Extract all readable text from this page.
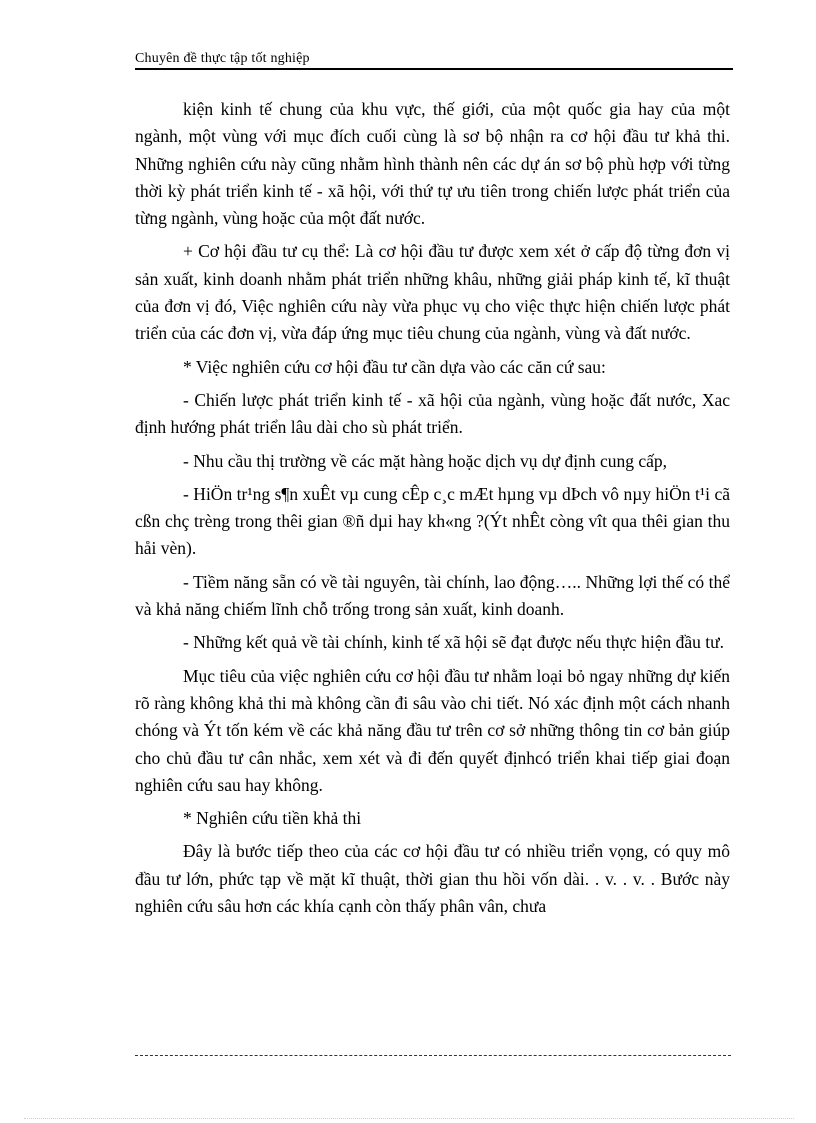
Chuyên đề thực tập tốt nghiệp

kiện kinh tế chung của khu vực, thế giới, của một quốc gia hay của một ngành, một vùng với mục đích cuối cùng là sơ bộ nhận ra cơ hội đầu tư khả thi. Những nghiên cứu này cũng nhằm hình thành nên các dự án sơ bộ phù hợp với từng thời kỳ phát triển kinh tế - xã hội, với thứ tự ưu tiên trong chiến lược phát triển của từng ngành, vùng hoặc của một đất nước.

+ Cơ hội đầu tư cụ thể: Là cơ hội đầu tư được xem xét ở cấp độ từng đơn vị sản xuất, kinh doanh nhằm phát triển những khâu, những giải pháp kinh tế, kĩ thuật của đơn vị đó, Việc nghiên cứu này vừa phục vụ cho việc thực hiện chiến lược phát triển của các đơn vị, vừa đáp ứng mục tiêu chung của ngành, vùng và đất nước.

* Việc nghiên cứu cơ hội đầu tư cần dựa vào các căn cứ sau:

- Chiến lược phát triển kinh tế - xã hội của ngành, vùng hoặc đất nước, Xac định hướng phát triển lâu dài cho sù phát triển.

- Nhu cầu thị trường về các mặt hàng hoặc dịch vụ dự định cung cấp,

- HiÖn tr¹ng s¶n xuÊt vµ cung cÊp c¸c mÆt hµng vµ dÞch vô nµy hiÖn t¹i cã cßn chç trèng trong thêi gian ®ñ dµi hay kh«ng ?(Ýt nhÊt còng vît qua thêi gian thu håi vèn).

- Tiềm năng sẵn có về tài nguyên, tài chính, lao động….. Những lợi thế có thể và khả năng chiếm lĩnh chỗ trống trong sản xuất, kinh doanh.

- Những kết quả về tài chính, kinh tế xã hội sẽ đạt được nếu thực hiện đầu tư.

Mục tiêu của việc nghiên cứu cơ hội đầu tư nhằm loại bỏ ngay những dự kiến rõ ràng không khả thi mà không cần đi sâu vào chi tiết. Nó xác định một cách nhanh chóng và Ýt tốn kém về các khả năng đầu tư trên cơ sở những thông tin cơ bản giúp cho chủ đầu tư cân nhắc, xem xét và đi đến quyết địnhcó triển khai tiếp giai đoạn nghiên cứu sau hay không.

* Nghiên cứu tiền khả thi

Đây là bước tiếp theo của các cơ hội đầu tư có nhiều triển vọng, có quy mô đầu tư lớn, phức tạp về mặt kĩ thuật, thời gian thu hồi vốn dài. . v. . v. . Bước này nghiên cứu sâu hơn các khía cạnh còn thấy phân vân, chưa
